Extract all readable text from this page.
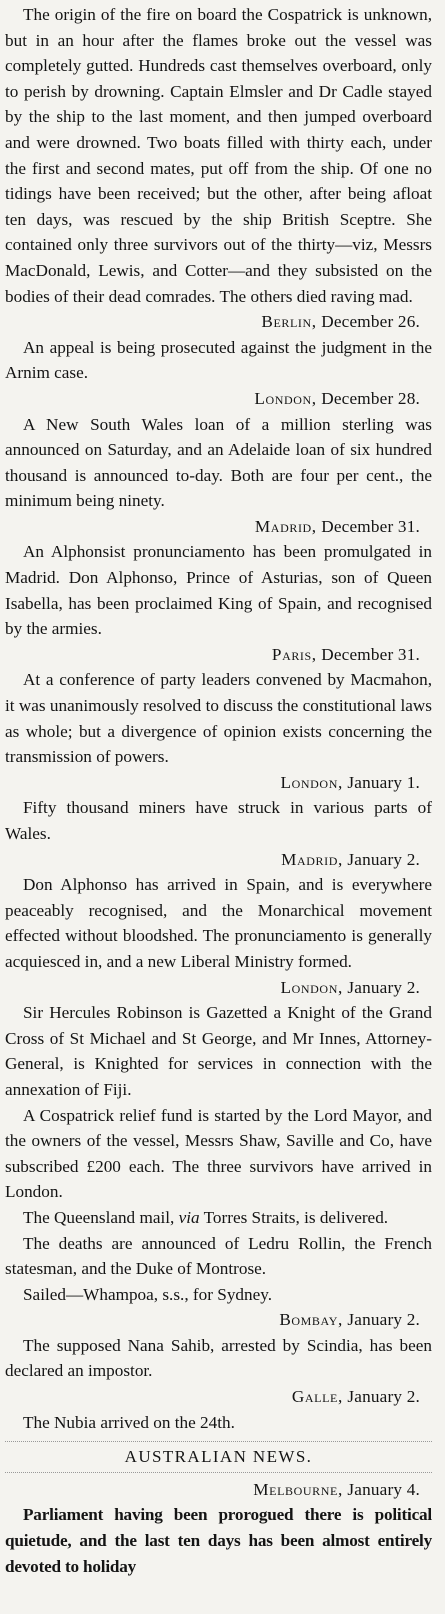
The origin of the fire on board the Cospatrick is unknown, but in an hour after the flames broke out the vessel was completely gutted. Hundreds cast themselves overboard, only to perish by drowning. Captain Elmsler and Dr Cadle stayed by the ship to the last moment, and then jumped overboard and were drowned. Two boats filled with thirty each, under the first and second mates, put off from the ship. Of one no tidings have been received; but the other, after being afloat ten days, was rescued by the ship British Sceptre. She contained only three survivors out of the thirty—viz, Messrs MacDonald, Lewis, and Cotter—and they subsisted on the bodies of their dead comrades. The others died raving mad.

Berlin, December 26.

An appeal is being prosecuted against the judgment in the Arnim case.

London, December 28.

A New South Wales loan of a million sterling was announced on Saturday, and an Adelaide loan of six hundred thousand is announced to-day. Both are four per cent., the minimum being ninety.

Madrid, December 31.

An Alphonsist pronunciamento has been promulgated in Madrid. Don Alphonso, Prince of Asturias, son of Queen Isabella, has been proclaimed King of Spain, and recognised by the armies.

Paris, December 31.

At a conference of party leaders convened by Macmahon, it was unanimously resolved to discuss the constitutional laws as whole; but a divergence of opinion exists concerning the transmission of powers.

London, January 1.

Fifty thousand miners have struck in various parts of Wales.

Madrid, January 2.

Don Alphonso has arrived in Spain, and is everywhere peaceably recognised, and the Monarchical movement effected without bloodshed. The pronunciamento is generally acquiesced in, and a new Liberal Ministry formed.

London, January 2.

Sir Hercules Robinson is Gazetted a Knight of the Grand Cross of St Michael and St George, and Mr Innes, Attorney-General, is Knighted for services in connection with the annexation of Fiji.

A Cospatrick relief fund is started by the Lord Mayor, and the owners of the vessel, Messrs Shaw, Saville and Co, have subscribed £200 each. The three survivors have arrived in London.

The Queensland mail, via Torres Straits, is delivered.

The deaths are announced of Ledru Rollin, the French statesman, and the Duke of Montrose.

Sailed—Whampoa, s.s., for Sydney.

Bombay, January 2.

The supposed Nana Sahib, arrested by Scindia, has been declared an impostor.

Galle, January 2.

The Nubia arrived on the 24th.

AUSTRALIAN NEWS.

Melbourne, January 4.

Parliament having been prorogued there is political quietude, and the last ten days has been almost entirely devoted to holiday
